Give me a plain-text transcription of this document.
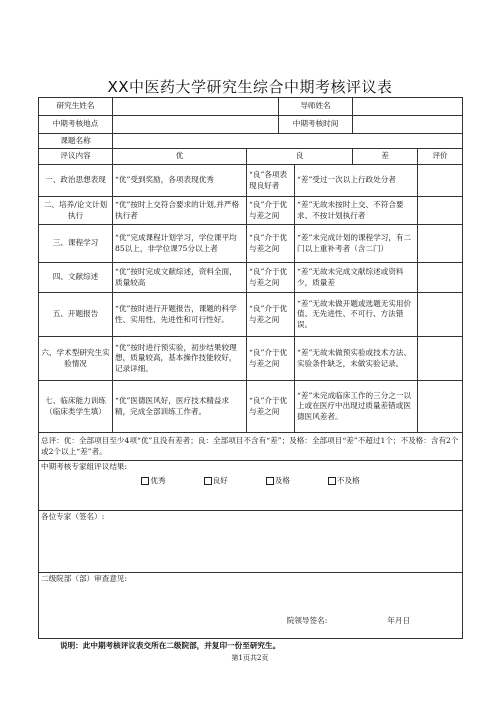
XX中医药大学研究生综合中期考核评议表
研究生姓名			导师姓名			
中期考核地点			中期考核时间			
课题名称						
评议内容	优	良			差	评价
一、政治思想表现	“优”受到奖励，各项表现优秀	“良”各项表现良好者		“差”受过一次以上行政处分者		
二、培养/论文计划执行	“优”按时上交符合要求的计划,并严格执行者	“良”介于优与差之间		“差”无故未按时上交、不符合要求、不按计划执行者		
三、课程学习	“优”完成课程计划学习，学位课平均85以上，非学位课75分以上者	“良”介于优与差之间		“差”未完成计划的课程学习，有二门以上重补考者（含二门）		
四、文献综述	“优”按时完成文献综述，资料全面，质量较高	“良”介于优与差之间		“差”无故未完成文献综述或资料少，质量差		
五、开题报告	“优”按时进行开题报告，课题的科学性、实用性、先进性和可行性好。	“良”介于优与差之间		“差”无故未做开题或选题无实用价值、无先进性、不可行、方法错误。		
六、学术型研究生实验情况	“优”按时进行预实验，初步结果较理想，质量较高，基本操作技能较好，记录详细。	“良”介于优与差之间		“差”无故未做预实验或技术方法、实验条件缺乏，未做实验记录。		
七、临床能力训练（临床类学生填）	“优”医德医风好，医疗技术精益求精，完成全部训练工作者。	“良”介于优与差之间		“差”未完成临床工作的三分之一以上或在医疗中出现过质量差错或医德医风差者。		
总评：优：全部项目至少4项“优”且没有差者；良：全部项目不含有“差”；及格：全部项目“差”不超过1个；不及格：含有2个或2个以上“差”者。						

中期考核专家组评议结果:
优秀 良好 及格 不及格						

各位专家（签名）:						

二级院部（部）审查意见:
院领导签名: 年月日						
说明：此中期考核评议表交所在二级院部，并复印一份至研究生。
第1页共2页
